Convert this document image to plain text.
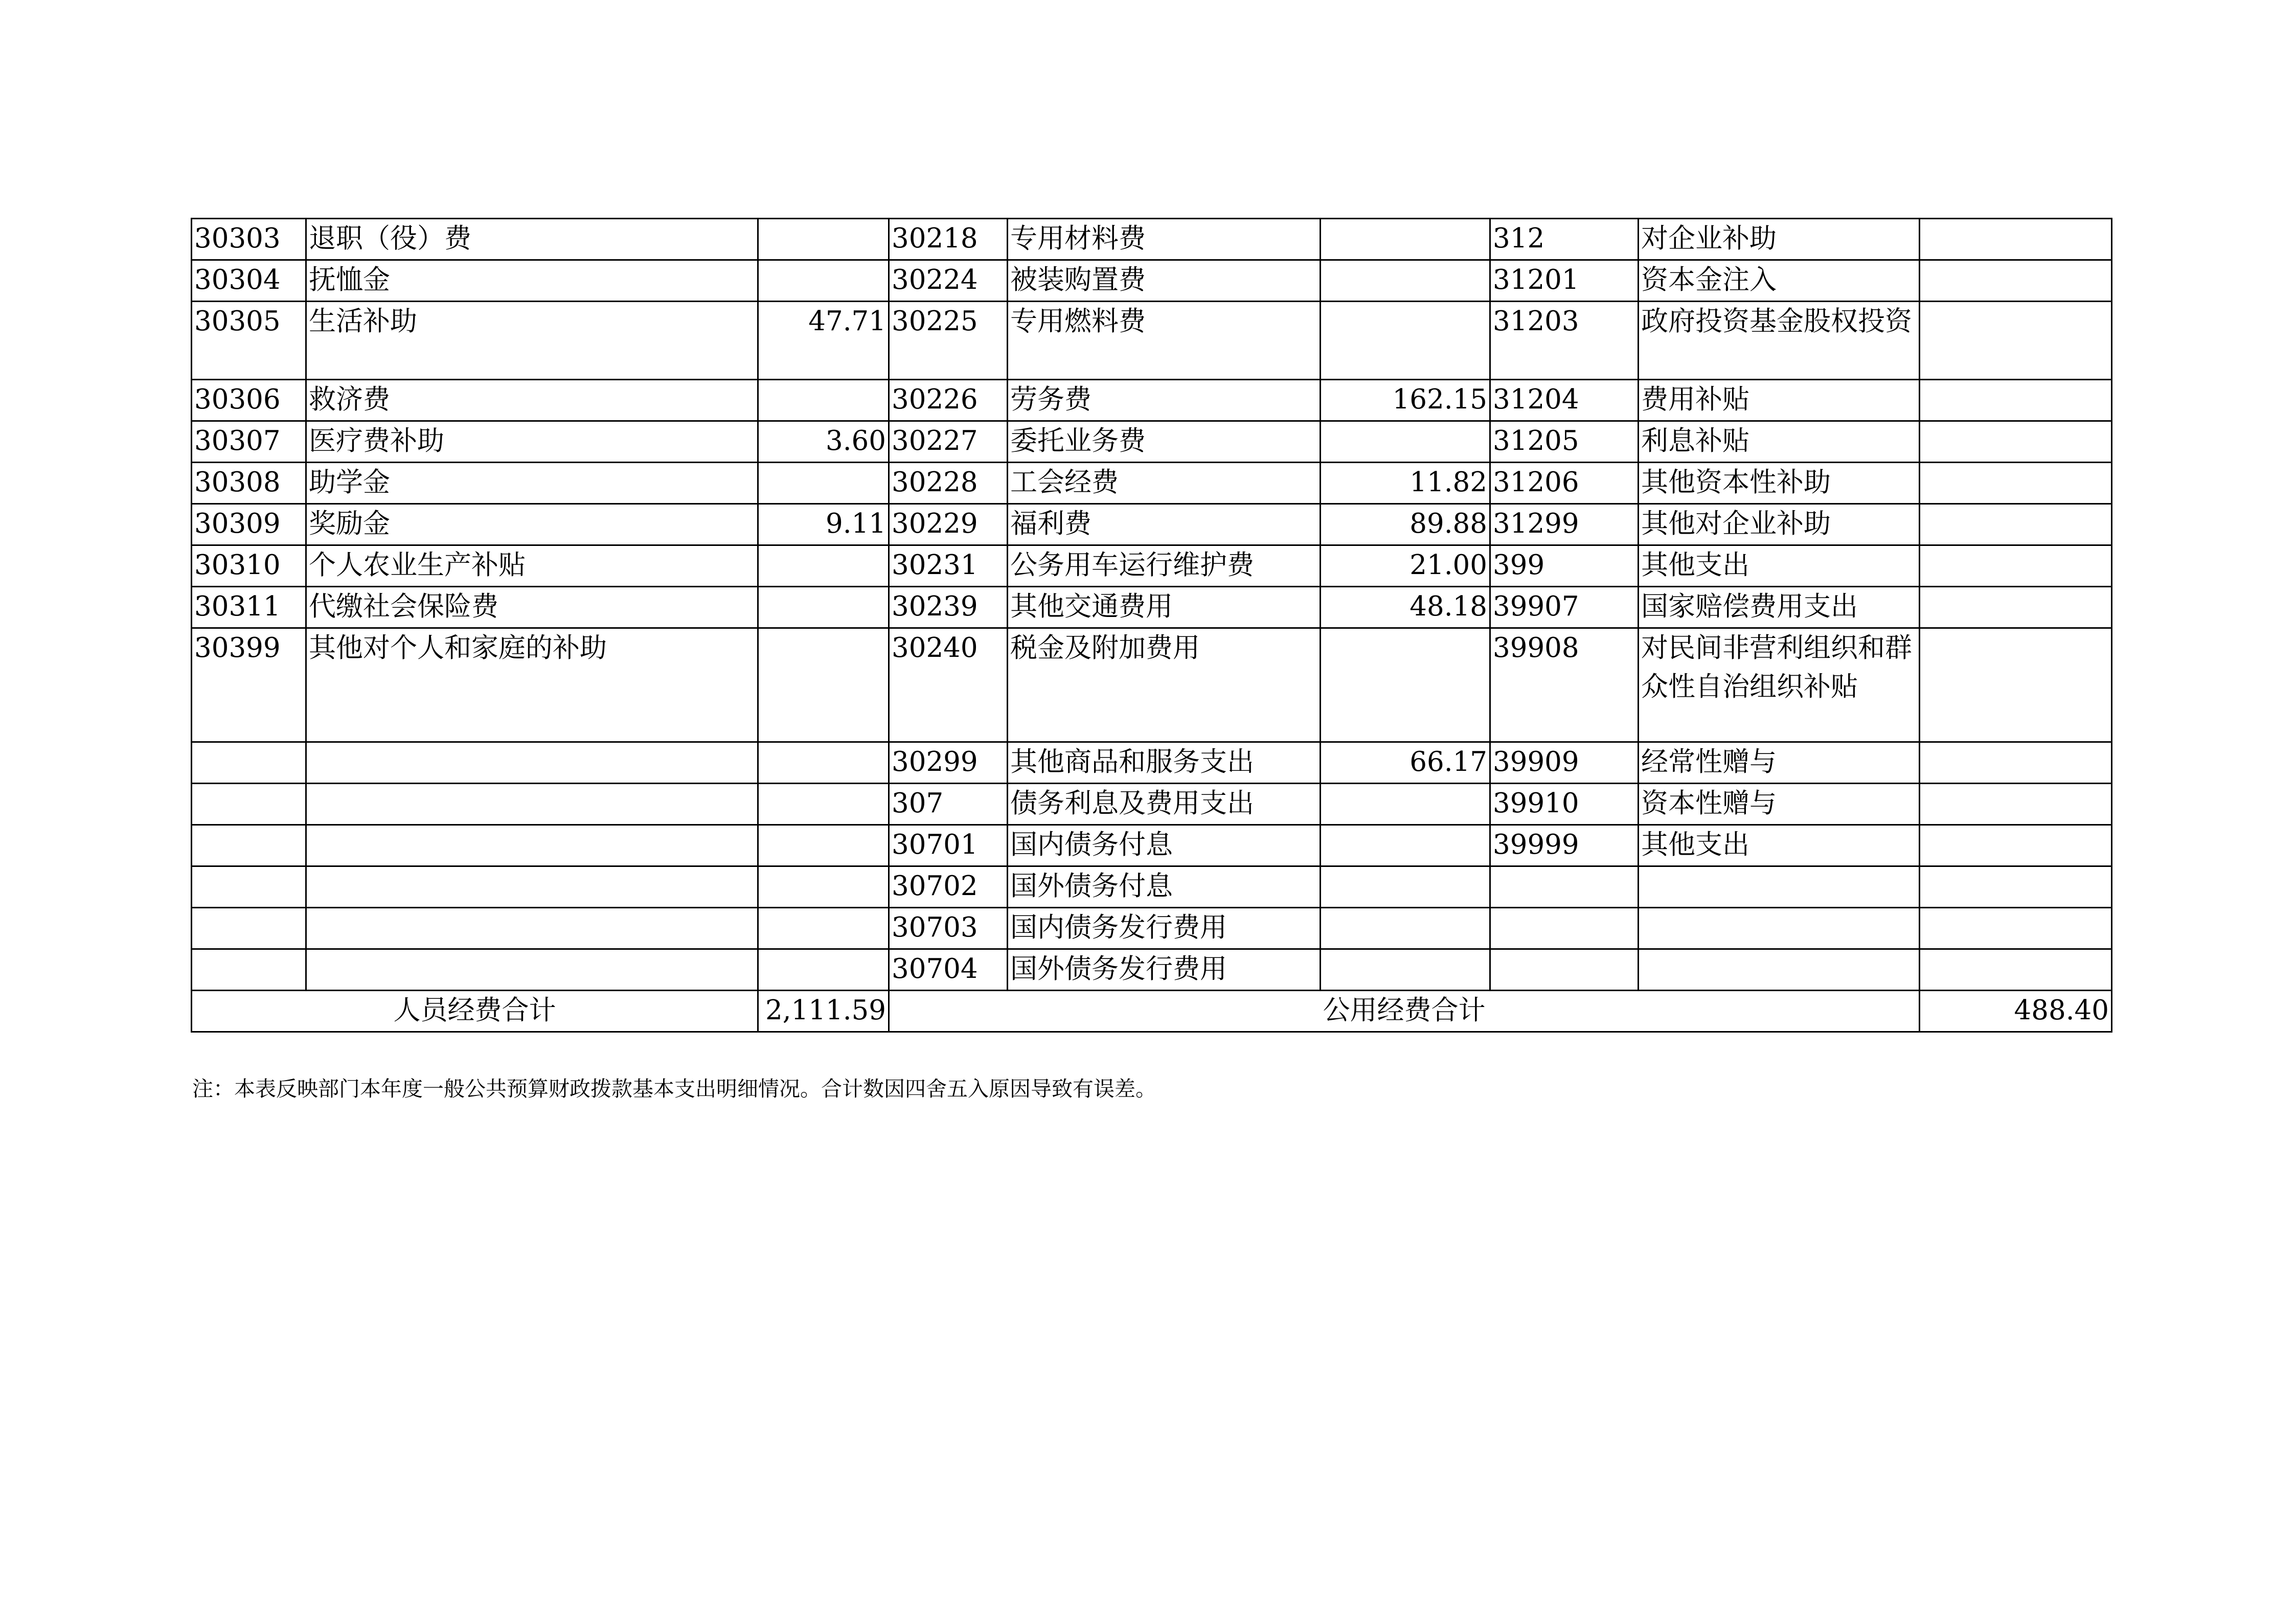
30303	退职（役）费		30218	专用材料费		312	对企业补助	
30304	抚恤金		30224	被装购置费		31201	资本金注入	
30305	生活补助	47.71	30225	专用燃料费		31203	政府投资基金股权投资	
30306	救济费		30226	劳务费	162.15	31204	费用补贴	
30307	医疗费补助	3.60	30227	委托业务费		31205	利息补贴	
30308	助学金		30228	工会经费	11.82	31206	其他资本性补助	
30309	奖励金	9.11	30229	福利费	89.88	31299	其他对企业补助	
30310	个人农业生产补贴		30231	公务用车运行维护费	21.00	399	其他支出	
30311	代缴社会保险费		30239	其他交通费用	48.18	39907	国家赔偿费用支出	
30399	其他对个人和家庭的补助		30240	税金及附加费用		39908	对民间非营利组织和群众性自治组织补贴	
			30299	其他商品和服务支出	66.17	39909	经常性赠与	
			307	债务利息及费用支出		39910	资本性赠与	
			30701	国内债务付息		39999	其他支出	
			30702	国外债务付息				
			30703	国内债务发行费用				
			30704	国外债务发行费用				
人员经费合计		2,111.59	公用经费合计					488.40
注：本表反映部门本年度一般公共预算财政拨款基本支出明细情况。合计数因四舍五入原因导致有误差。
